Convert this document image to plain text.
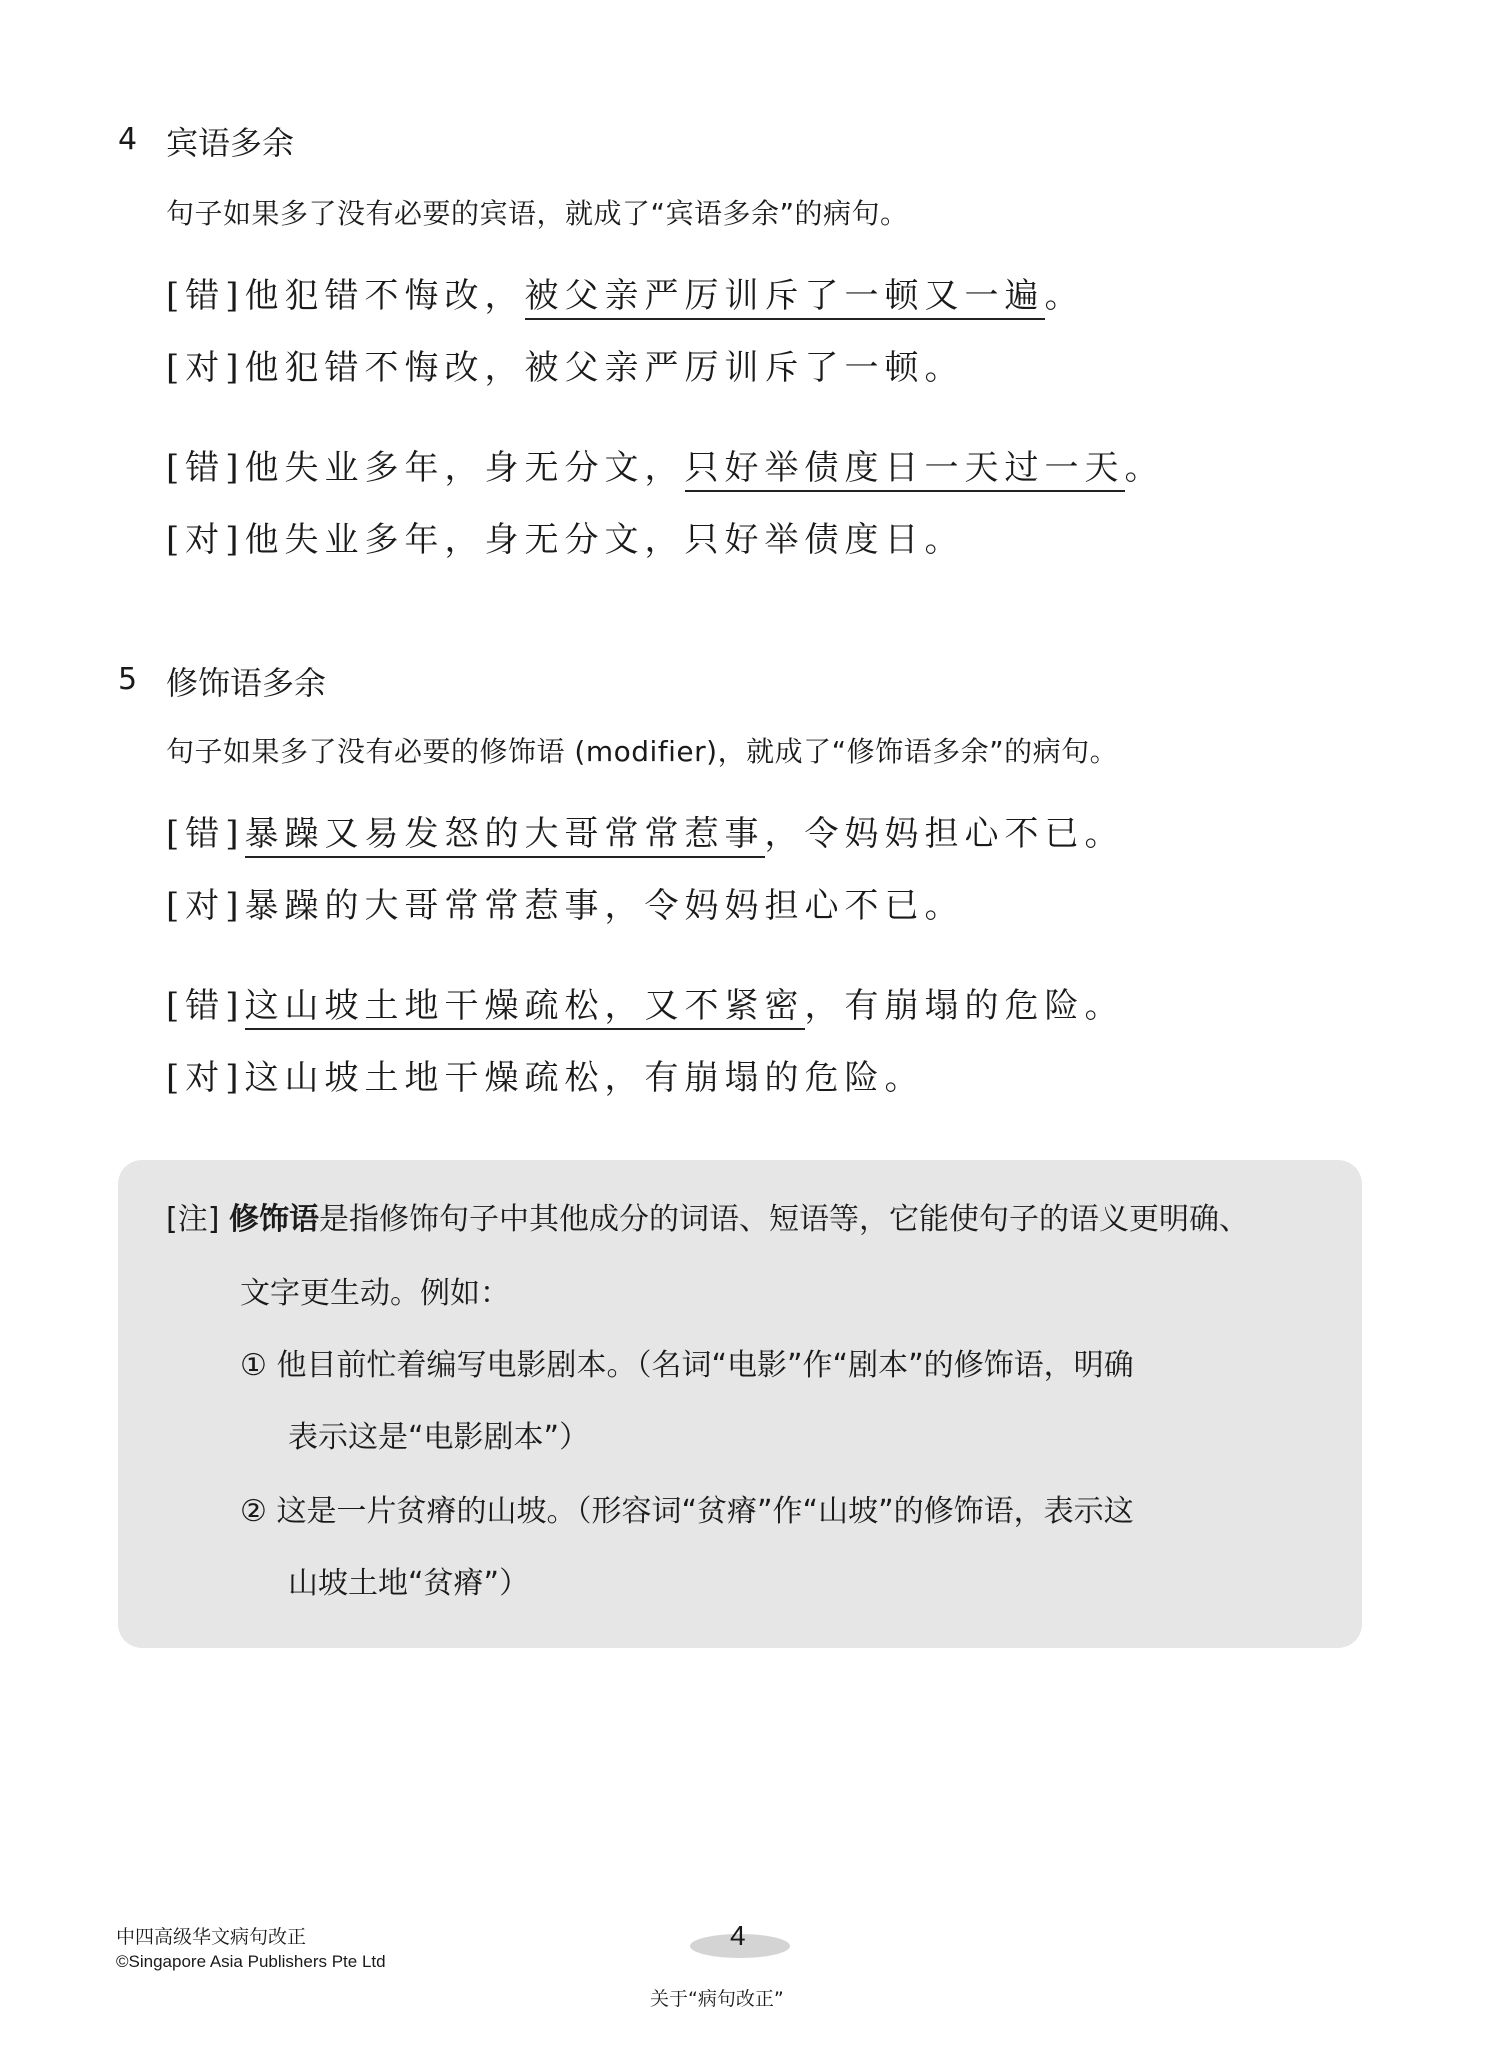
4 宾语多余
句子如果多了没有必要的宾语，就成了“宾语多余”的病句。
[错]他犯错不悔改，被父亲严厉训斥了一顿又一遍。
[对]他犯错不悔改，被父亲严厉训斥了一顿。
[错]他失业多年，身无分文，只好举债度日一天过一天。
[对]他失业多年，身无分文，只好举债度日。
5 修饰语多余
句子如果多了没有必要的修饰语 (modifier)，就成了“修饰语多余”的病句。
[错]暴躁又易发怒的大哥常常惹事，令妈妈担心不已。
[对]暴躁的大哥常常惹事，令妈妈担心不已。
[错]这山坡土地干燥疏松，又不紧密，有崩塌的危险。
[对]这山坡土地干燥疏松，有崩塌的危险。
[注] 修饰语是指修饰句子中其他成分的词语、短语等，它能使句子的语义更明确、
文字更生动。例如：
① 他目前忙着编写电影剧本。（名词“电影”作“剧本”的修饰语，明确
表示这是“电影剧本”）
② 这是一片贫瘠的山坡。（形容词“贫瘠”作“山坡”的修饰语，表示这
山坡土地“贫瘠”）
中四高级华文病句改正
©Singapore Asia Publishers Pte Ltd
4
关于“病句改正”
